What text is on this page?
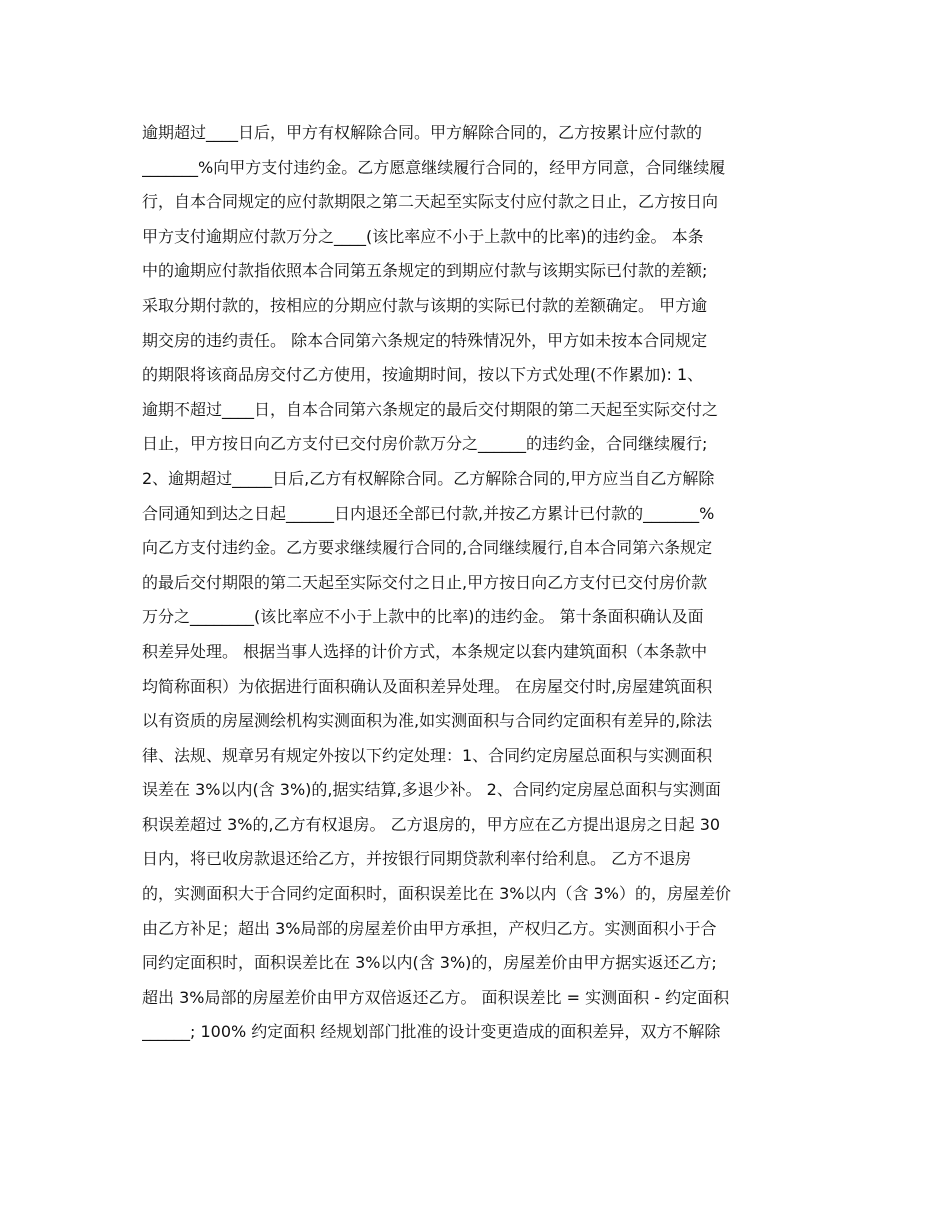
逾期超过____日后，甲方有权解除合同。甲方解除合同的，乙方按累计应付款的
_______%向甲方支付违约金。乙方愿意继续履行合同的，经甲方同意，合同继续履
行，自本合同规定的应付款期限之第二天起至实际支付应付款之日止，乙方按日向
甲方支付逾期应付款万分之____(该比率应不小于上款中的比率)的违约金。 本条
中的逾期应付款指依照本合同第五条规定的到期应付款与该期实际已付款的差额;
采取分期付款的，按相应的分期应付款与该期的实际已付款的差额确定。 甲方逾
期交房的违约责任。 除本合同第六条规定的特殊情况外，甲方如未按本合同规定
的期限将该商品房交付乙方使用，按逾期时间，按以下方式处理(不作累加): 1、
逾期不超过____日，自本合同第六条规定的最后交付期限的第二天起至实际交付之
日止，甲方按日向乙方支付已交付房价款万分之______的违约金，合同继续履行;
2、逾期超过_____日后,乙方有权解除合同。乙方解除合同的,甲方应当自乙方解除
合同通知到达之日起______日内退还全部已付款,并按乙方累计已付款的_______%
向乙方支付违约金。乙方要求继续履行合同的,合同继续履行,自本合同第六条规定
的最后交付期限的第二天起至实际交付之日止,甲方按日向乙方支付已交付房价款
万分之________(该比率应不小于上款中的比率)的违约金。 第十条面积确认及面
积差异处理。 根据当事人选择的计价方式，本条规定以套内建筑面积（本条款中
均简称面积）为依据进行面积确认及面积差异处理。 在房屋交付时,房屋建筑面积
以有资质的房屋测绘机构实测面积为准,如实测面积与合同约定面积有差异的,除法
律、法规、规章另有规定外按以下约定处理：1、合同约定房屋总面积与实测面积
误差在 3%以内(含 3%)的,据实结算,多退少补。 2、合同约定房屋总面积与实测面
积误差超过 3%的,乙方有权退房。 乙方退房的，甲方应在乙方提出退房之日起 30
日内，将已收房款退还给乙方，并按银行同期贷款利率付给利息。 乙方不退房
的，实测面积大于合同约定面积时，面积误差比在 3%以内（含 3%）的，房屋差价
由乙方补足；超出 3%局部的房屋差价由甲方承担，产权归乙方。实测面积小于合
同约定面积时，面积误差比在 3%以内(含 3%)的，房屋差价由甲方据实返还乙方;
超出 3%局部的房屋差价由甲方双倍返还乙方。 面积误差比 = 实测面积 - 约定面积
______; 100% 约定面积 经规划部门批准的设计变更造成的面积差异，双方不解除
